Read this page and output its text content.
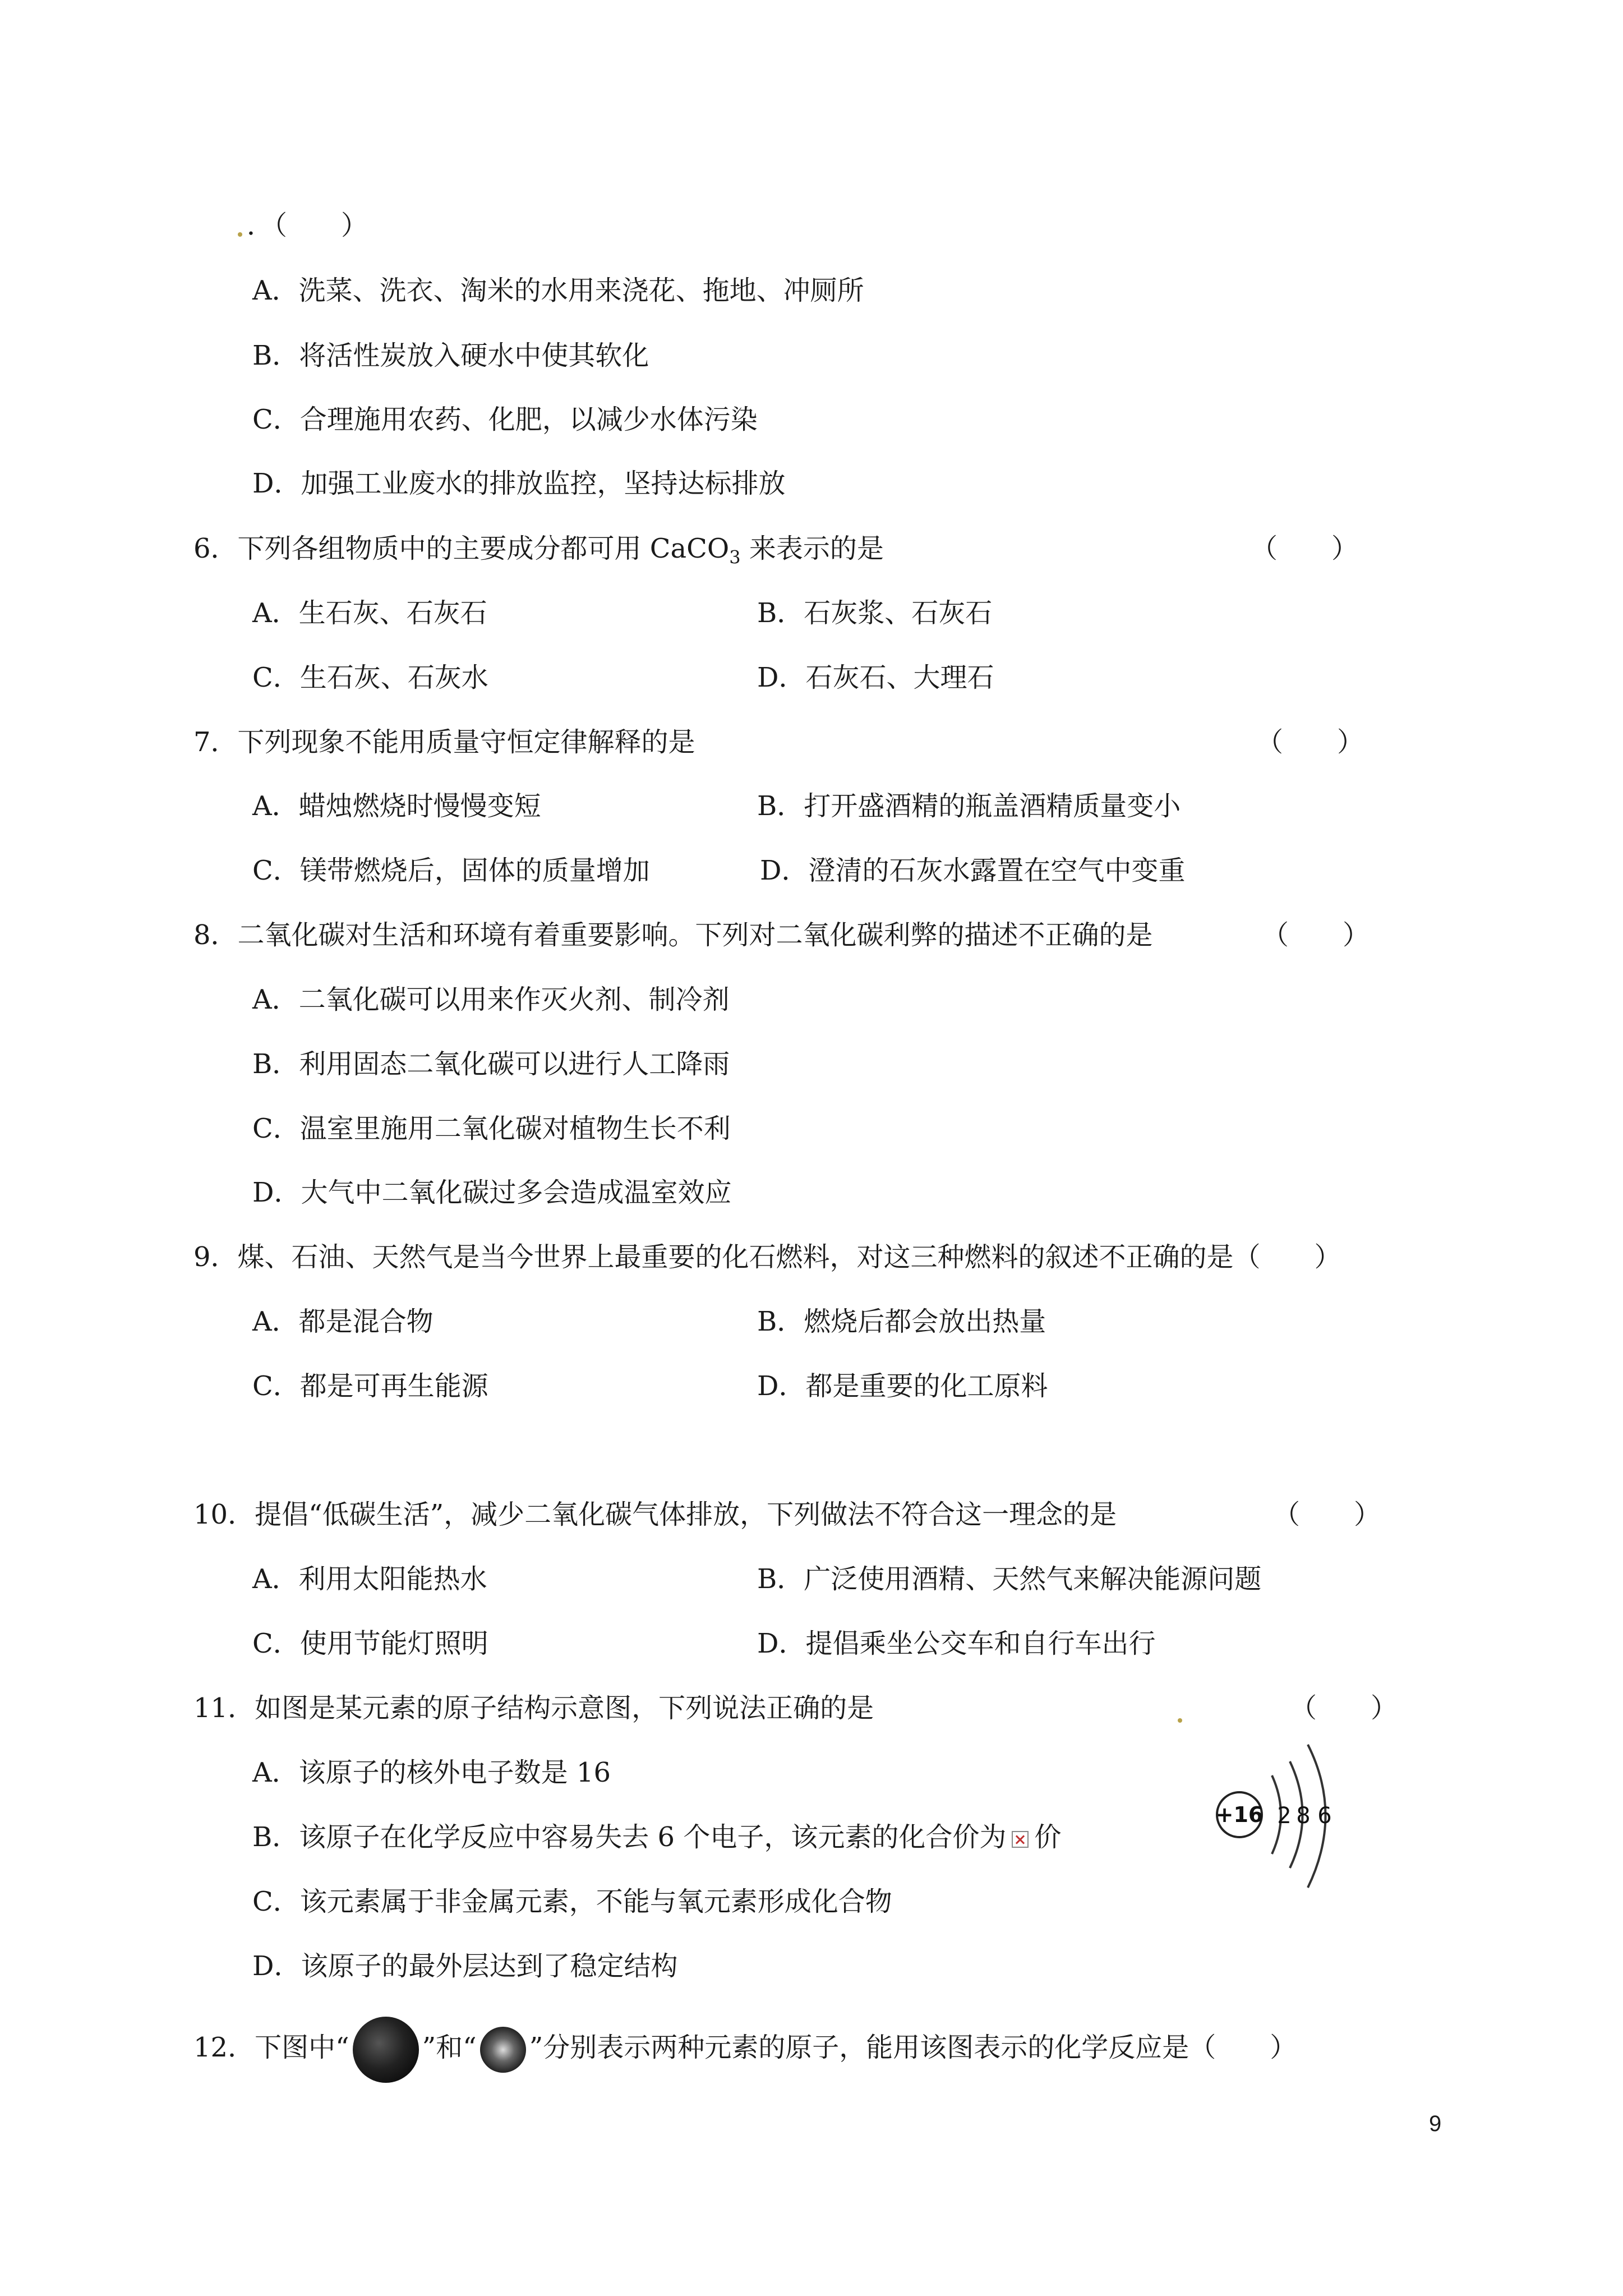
．（　　）
A．洗菜、洗衣、淘米的水用来浇花、拖地、冲厕所
B．将活性炭放入硬水中使其软化
C．合理施用农药、化肥，以减少水体污染
D．加强工业废水的排放监控，坚持达标排放
6．下列各组物质中的主要成分都可用 CaCO$_3$ 来表示的是	（　　）
A．生石灰、石灰石	B．石灰浆、石灰石
C．生石灰、石灰水	D．石灰石、大理石
7．下列现象不能用质量守恒定律解释的是	（　　）
A．蜡烛燃烧时慢慢变短	B．打开盛酒精的瓶盖酒精质量变小
C．镁带燃烧后，固体的质量增加	D．澄清的石灰水露置在空气中变重
8．二氧化碳对生活和环境有着重要影响。下列对二氧化碳利弊的描述不正确的是	（　　）
A．二氧化碳可以用来作灭火剂、制冷剂
B．利用固态二氧化碳可以进行人工降雨
C．温室里施用二氧化碳对植物生长不利
D．大气中二氧化碳过多会造成温室效应
9．煤、石油、天然气是当今世界上最重要的化石燃料，对这三种燃料的叙述不正确的是（　　）
A．都是混合物	B．燃烧后都会放出热量
C．都是可再生能源	D．都是重要的化工原料
10．提倡“低碳生活”，减少二氧化碳气体排放，下列做法不符合这一理念的是	（　　）
A．利用太阳能热水	B．广泛使用酒精、天然气来解决能源问题
C．使用节能灯照明	D．提倡乘坐公交车和自行车出行
11．如图是某元素的原子结构示意图，下列说法正确的是	（　　）
A．该原子的核外电子数是 16
B．该原子在化学反应中容易失去 6 个电子，该元素的化合价为 价
C．该元素属于非金属元素，不能与氧元素形成化合物
D．该原子的最外层达到了稳定结构
+16 2 8 6
12．下图中“	”和“ ”分别表示两种元素的原子，能用该图表示的化学反应是（　　）
9
